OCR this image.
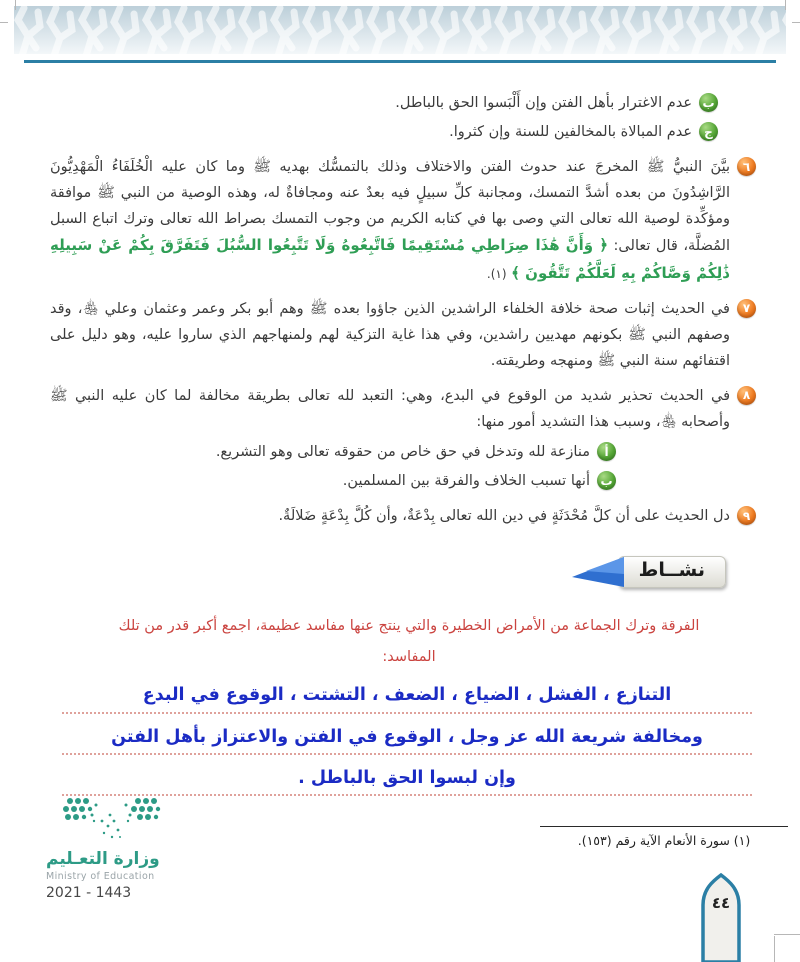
ب

عدم الاغترار بأهل الفتن وإن أَلْبَسوا الحق بالباطل.

ج

عدم المبالاة بالمخالفين للسنة وإن كثروا.

٦

بيَّنَ النبيُّ ﷺ المخرجَ عند حدوث الفتن والاختلاف وذلك بالتمسُّك بهديه ﷺ وما كان عليه الْخُلَفَاءُ الْمَهْدِيُّونَ الرَّاشِدُونَ من بعده أشدَّ التمسك، ومجانبة كلِّ سبيلٍ فيه بعدٌ عنه ومجافاةٌ له، وهذه الوصية من النبي ﷺ موافقة ومؤكِّدة لوصية الله تعالى التي وصى بها في كتابه الكريم من وجوب التمسك بصراط الله تعالى وترك اتباع السبل المُضلَّة، قال تعالى: ﴿ وَأَنَّ هَٰذَا صِرَاطِي مُسْتَقِيمًا فَاتَّبِعُوهُ وَلَا تَتَّبِعُوا السُّبُلَ فَتَفَرَّقَ بِكُمْ عَنْ سَبِيلِهِ ذَٰلِكُمْ وَصَّاكُمْ بِهِ لَعَلَّكُمْ تَتَّقُونَ ﴾ (١).

٧

في الحديث إثبات صحة خلافة الخلفاء الراشدين الذين جاؤوا بعده ﷺ وهم أبو بكر وعمر وعثمان وعلي ﵃، وقد وصفهم النبي ﷺ بكونهم مهديين راشدين، وفي هذا غاية التزكية لهم ولمنهاجهم الذي ساروا عليه، وهو دليل على اقتفائهم سنة النبي ﷺ ومنهجه وطريقته.

٨

في الحديث تحذير شديد من الوقوع في البدع، وهي: التعبد لله تعالى بطريقة مخالفة لما كان عليه النبي ﷺ وأصحابه ﵃، وسبب هذا التشديد أمور منها:

أ

منازعة لله وتدخل في حق خاص من حقوقه تعالى وهو التشريع.

ب

أنها تسبب الخلاف والفرقة بين المسلمين.

٩

دل الحديث على أن كلَّ مُحْدَثَةٍ في دين الله تعالى بِدْعَةٌ، وأن كُلَّ بِدْعَةٍ ضَلالَةٌ.

نشــاط

الفرقة وترك الجماعة من الأمراض الخطيرة والتي ينتج عنها مفاسد عظيمة، اجمع أكبر قدر من تلك المفاسد:

التنازع ، الفشل ، الضياع ، الضعف ، التشتت ، الوقوع في البدع
ومخالفة شريعة الله عز وجل ، الوقوع في الفتن والاعتزاز بأهل الفتن
وإن لبسوا الحق بالباطل .
وزارة التعـليم
Ministry of Education
2021 - 1443
(١) سورة الأنعام الآية رقم (١٥٣).
٤٤
